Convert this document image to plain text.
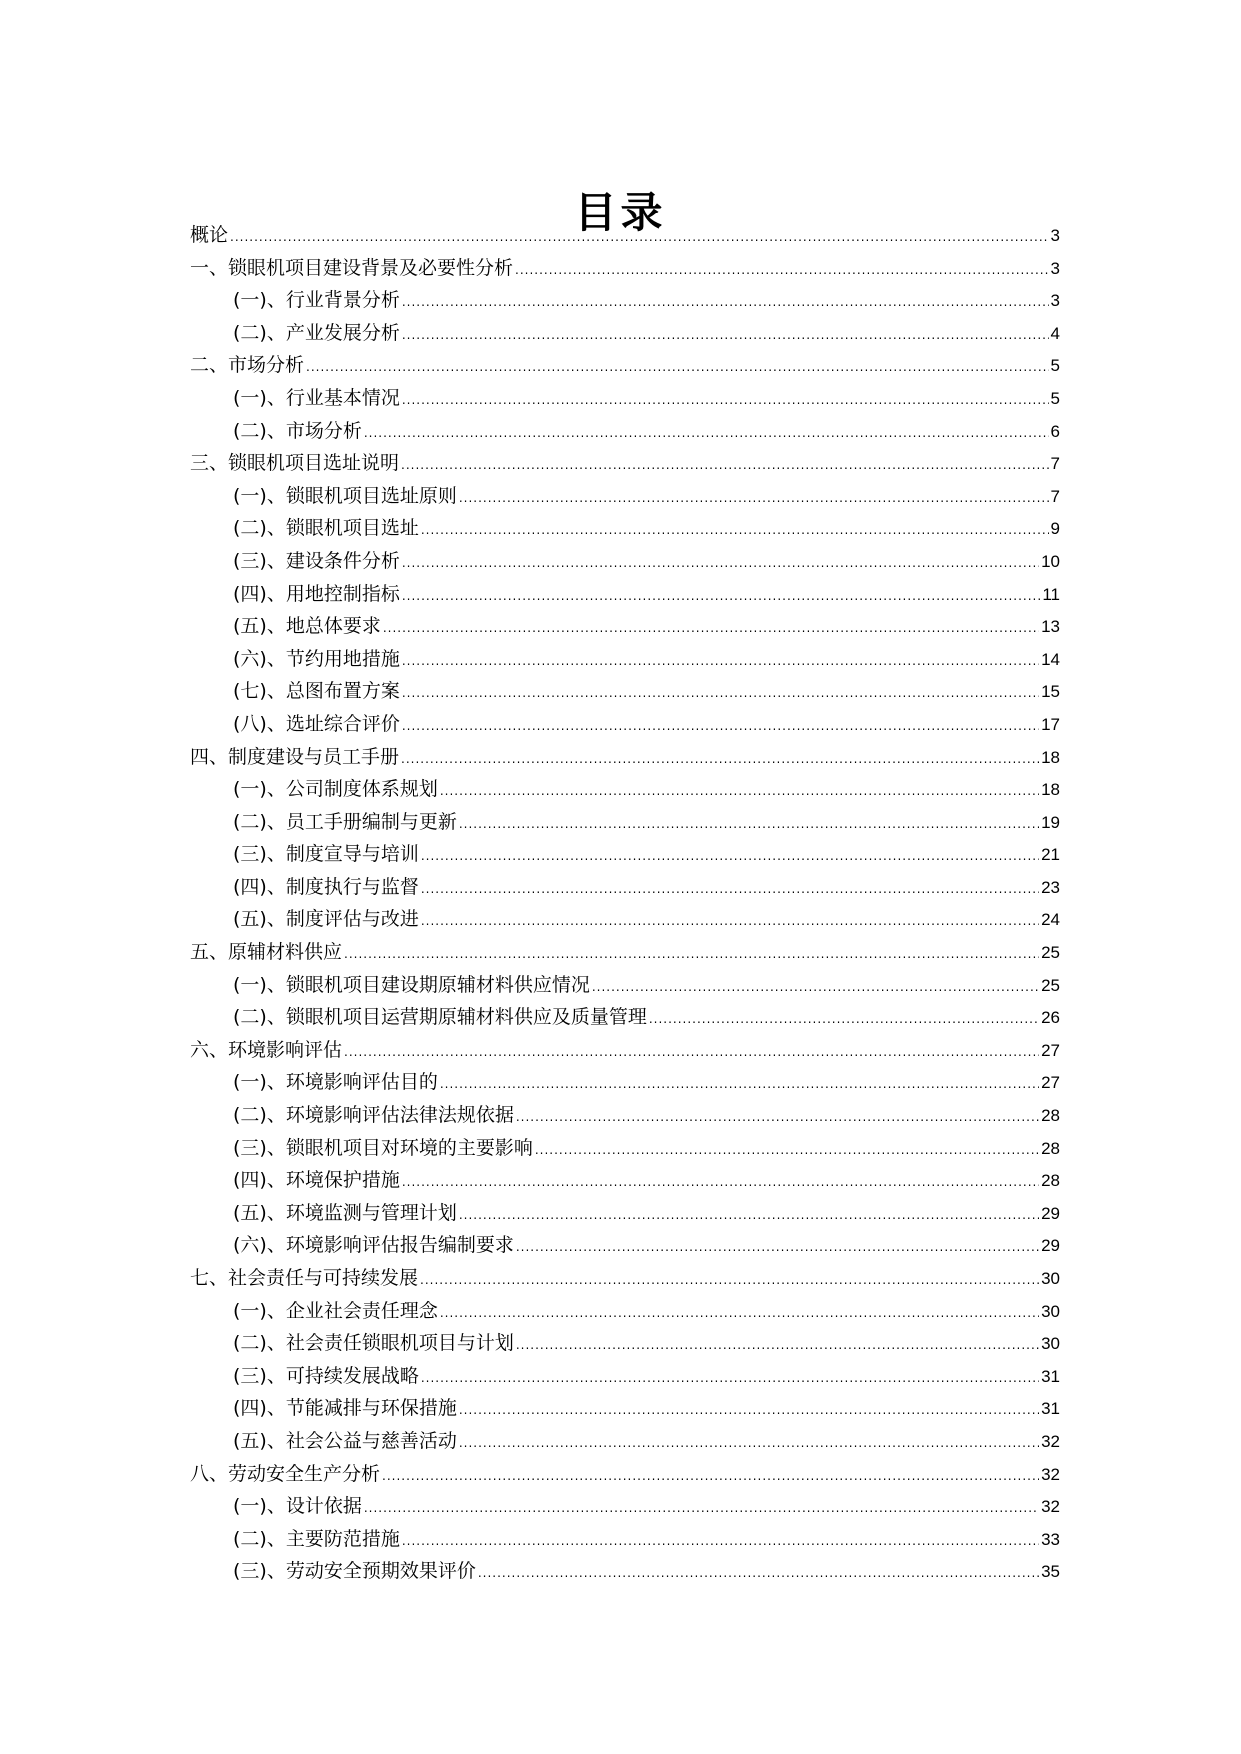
目录
概论 .....	3
一、锁眼机项目建设背景及必要性分析 .....	3
(一)、行业背景分析 .....	3
(二)、产业发展分析 .....	4
二、市场分析 .....	5
(一)、行业基本情况 .....	5
(二)、市场分析 .....	6
三、锁眼机项目选址说明 .....	7
(一)、锁眼机项目选址原则 .....	7
(二)、锁眼机项目选址 .....	9
(三)、建设条件分析 .....	10
(四)、用地控制指标 .....	11
(五)、地总体要求 .....	13
(六)、节约用地措施 .....	14
(七)、总图布置方案 .....	15
(八)、选址综合评价 .....	17
四、制度建设与员工手册 .....	18
(一)、公司制度体系规划 .....	18
(二)、员工手册编制与更新 .....	19
(三)、制度宣导与培训 .....	21
(四)、制度执行与监督 .....	23
(五)、制度评估与改进 .....	24
五、原辅材料供应 .....	25
(一)、锁眼机项目建设期原辅材料供应情况 .....	25
(二)、锁眼机项目运营期原辅材料供应及质量管理 .....	26
六、环境影响评估 .....	27
(一)、环境影响评估目的 .....	27
(二)、环境影响评估法律法规依据 .....	28
(三)、锁眼机项目对环境的主要影响 .....	28
(四)、环境保护措施 .....	28
(五)、环境监测与管理计划 .....	29
(六)、环境影响评估报告编制要求 .....	29
七、社会责任与可持续发展 .....	30
(一)、企业社会责任理念 .....	30
(二)、社会责任锁眼机项目与计划 .....	30
(三)、可持续发展战略 .....	31
(四)、节能减排与环保措施 .....	31
(五)、社会公益与慈善活动 .....	32
八、劳动安全生产分析 .....	32
(一)、设计依据 .....	32
(二)、主要防范措施 .....	33
(三)、劳动安全预期效果评价 .....	35
